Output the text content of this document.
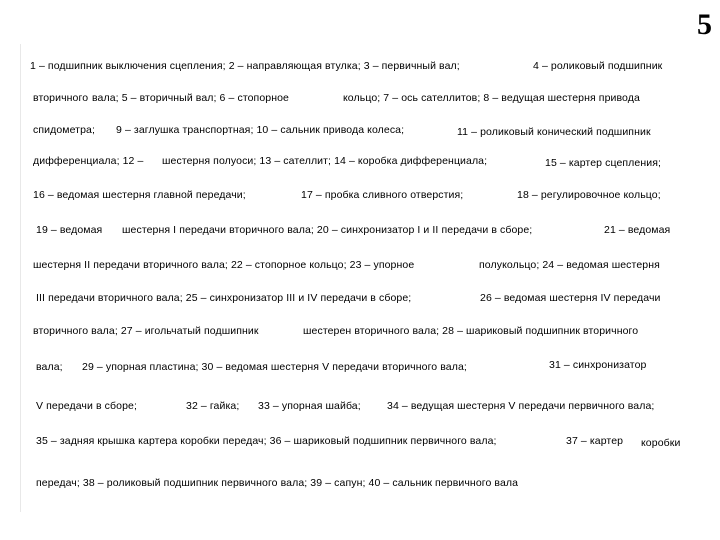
5
1 – подшипник выключения сцепления; 2 – направляющая втулка; 3 – первичный вал;	4 – роликовый подшипник
вторичного вала; 5 – вторичный вал; 6 – стопорное	кольцо; 7 – ось сателлитов; 8 – ведущая шестерня привода
спидометра; 9 – заглушка транспортная; 10 – сальник привода колеса;	11 – роликовый конический подшипник
дифференциала; 12 – шестерня полуоси; 13 – сателлит; 14 – коробка дифференциала;	15 – картер сцепления;
16 – ведомая шестерня главной передачи;	17 – пробка сливного отверстия;	18 – регулировочное кольцо;
19 – ведомая шестерня I передачи вторичного вала; 20 – синхронизатор I и II передачи в сборе;	21 – ведомая
шестерня II передачи вторичного вала; 22 – стопорное кольцо; 23 – упорное	полукольцо; 24 – ведомая шестерня
III передачи вторичного вала; 25 – синхронизатор III и IV передачи в сборе;	26 – ведомая шестерня IV передачи
вторичного вала; 27 – игольчатый подшипник	шестерен вторичного вала; 28 – шариковый подшипник вторичного
вала; 29 – упорная пластина; 30 – ведомая шестерня V передачи вторичного вала;	31 – синхронизатор
V передачи в сборе;	32 – гайка; 33 – упорная шайба; 34 – ведущая шестерня V передачи первичного вала;
35 – задняя крышка картера коробки передач; 36 – шариковый подшипник первичного вала;	37 – картер коробки
передач; 38 – роликовый подшипник первичного вала; 39 – сапун; 40 – сальник первичного вала
